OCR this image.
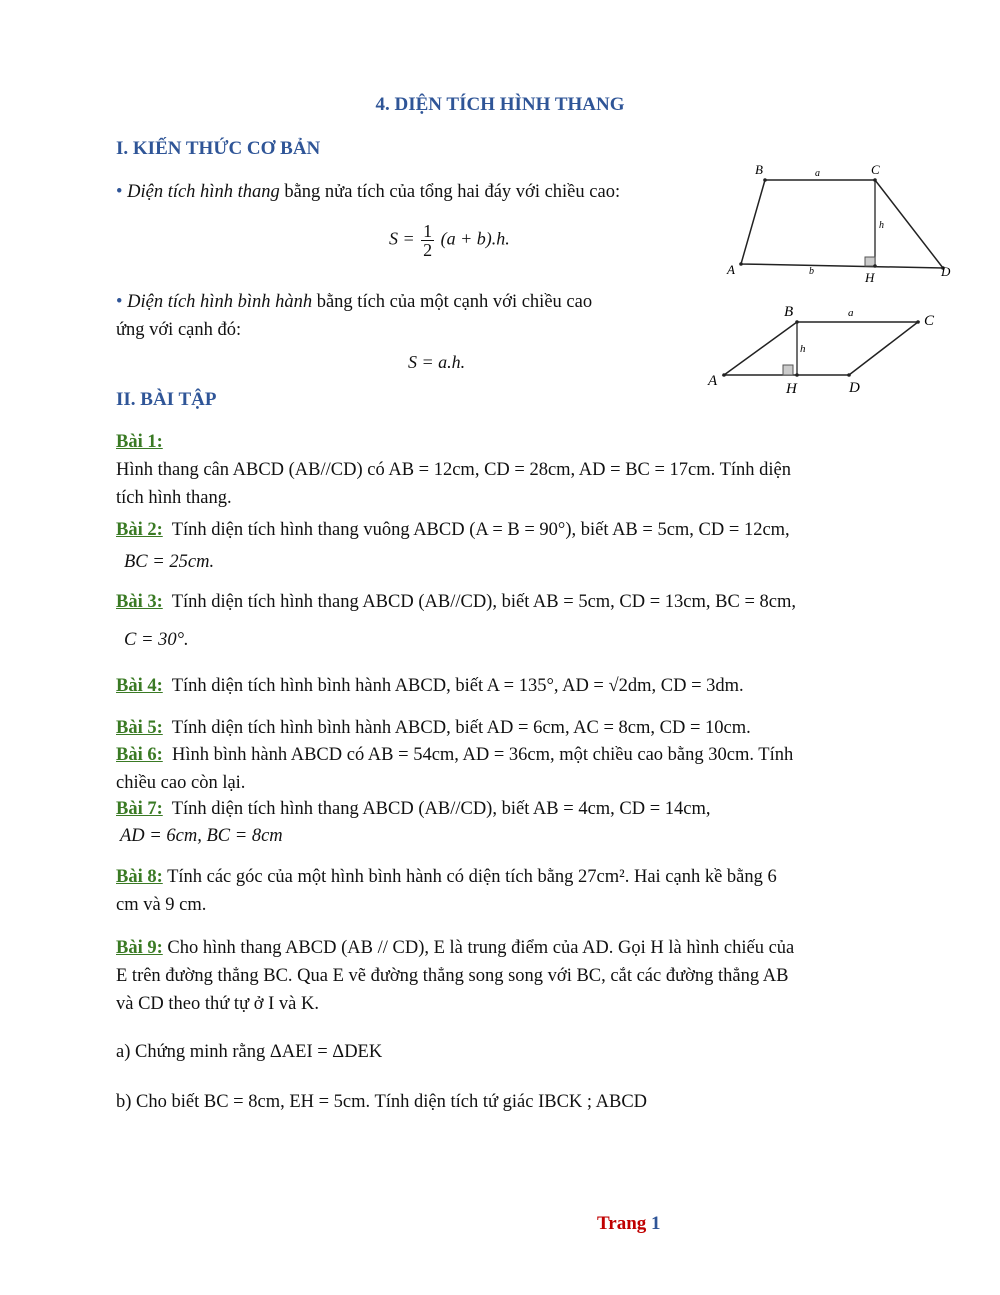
4. DIỆN TÍCH HÌNH THANG
I. KIẾN THỨC CƠ BẢN
• Diện tích hình thang bằng nửa tích của tổng hai đáy với chiều cao:
$S = \frac{1}{2} (a + b).h$.
• Diện tích hình bình hành bằng tích của một cạnh với chiều cao
ứng với cạnh đó:
S = a.h.
B	C
A	D
H
a
b
h
B
C
A	D
H
a
h
II. BÀI TẬP
Bài 1:
Hình thang cân ABCD (AB//CD) có AB = 12cm, CD = 28cm, AD = BC = 17cm. Tính diện
tích hình thang.
Bài 2: Tính diện tích hình thang vuông ABCD (A = B = 90°), biết AB = 5cm, CD = 12cm,
BC = 25cm.
Bài 3: Tính diện tích hình thang ABCD (AB//CD), biết AB = 5cm, CD = 13cm, BC = 8cm,
C = 30°.
Bài 4: Tính diện tích hình bình hành ABCD, biết A = 135°, AD = √2dm, CD = 3dm.
Bài 5: Tính diện tích hình bình hành ABCD, biết AD = 6cm, AC = 8cm, CD = 10cm.
Bài 6: Hình bình hành ABCD có AB = 54cm, AD = 36cm, một chiều cao bằng 30cm. Tính
chiều cao còn lại.
Bài 7: Tính diện tích hình thang ABCD (AB//CD), biết AB = 4cm, CD = 14cm,
AD = 6cm, BC = 8cm
Bài 8: Tính các góc của một hình bình hành có diện tích bằng 27cm². Hai cạnh kề bằng 6
cm và 9 cm.
Bài 9: Cho hình thang ABCD (AB // CD), E là trung điểm của AD. Gọi H là hình chiếu của
E trên đường thẳng BC. Qua E vẽ đường thẳng song song với BC, cắt các đường thẳng AB
và CD theo thứ tự ở I và K.
a) Chứng minh rằng ΔAEI = ΔDEK
b) Cho biết BC = 8cm, EH = 5cm. Tính diện tích tứ giác IBCK ; ABCD
Trang 1
